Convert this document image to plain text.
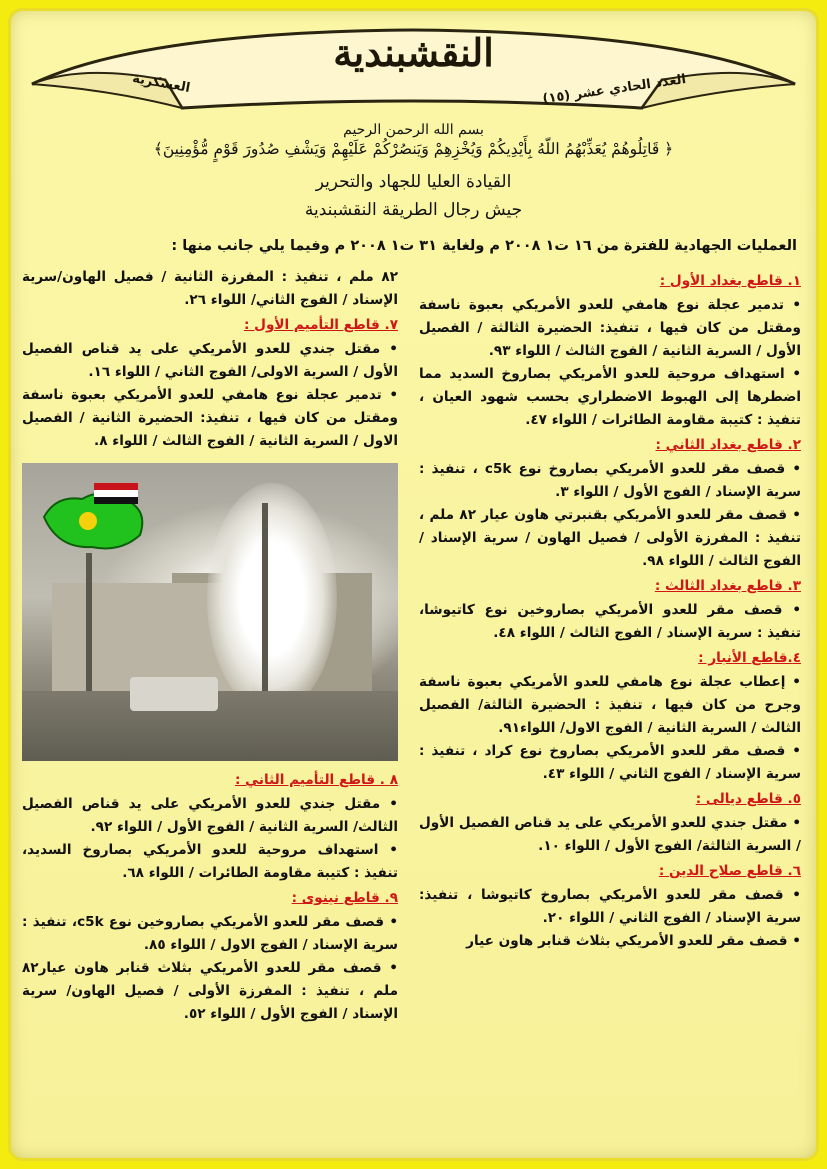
النقشبندية
العدد الحادي عشر (١٥)
العسكرية
بسم الله الرحمن الرحيم
﴿ قَاتِلُوهُمْ يُعَذِّبْهُمُ اللّهُ بِأَيْدِيكُمْ وَيُخْزِهِمْ وَيَنصُرْكُمْ عَلَيْهِمْ وَيَشْفِ صُدُورَ قَوْمٍ مُّؤْمِنِينَ﴾
القيادة العليا للجهاد والتحرير
جيش رجال الطريقة النقشبندية
العمليات الجهادية للفترة من ١٦ ت١ ٢٠٠٨ م ولغاية ٣١ ت١ ٢٠٠٨ م وفيما يلي جانب منها :
١. قاطع بغداد الأول :

• تدمير عجلة نوع هامفي للعدو الأمريكي بعبوة ناسفة ومقتل من كان فيها ، تنفيذ: الحضيرة الثالثة / الفصيل الأول / السرية الثانية / الفوج الثالث / اللواء ٩٣.

• استهداف مروحية للعدو الأمريكي بصاروخ السديد مما اضطرها إلى الهبوط الاضطراري بحسب شهود العيان ، تنفيذ : كتيبة مقاومة الطائرات / اللواء ٤٧.

٢. قاطع بغداد الثاني :

• قصف مقر للعدو الأمريكي بصاروخ نوع c5k ، تنفيذ : سرية الإسناد / الفوج الأول / اللواء ٣.

• قصف مقر للعدو الأمريكي بقنبرتي هاون عيار ٨٢ ملم ، تنفيذ : المفرزة الأولى / فصيل الهاون / سرية الإسناد / الفوج الثالث / اللواء ٩٨.

٣. قاطع بغداد الثالث :

• قصف مقر للعدو الأمريكي بصاروخين نوع كاتيوشا، تنفيذ : سرية الإسناد / الفوج الثالث / اللواء ٤٨.

٤.قاطع الأنبار :

• إعطاب عجلة نوع هامفي للعدو الأمريكي بعبوة ناسفة وجرح من كان فيها ، تنفيذ : الحضيرة الثالثة/ الفصيل الثالث / السرية الثانية / الفوج الاول/ اللواء٩١.

• قصف مقر للعدو الأمريكي بصاروخ نوع كراد ، تنفيذ : سرية الإسناد / الفوج الثاني / اللواء ٤٣.

٥. قاطع ديالى :

• مقتل جندي للعدو الأمريكي على يد قناص الفصيل الأول / السرية الثالثة/ الفوج الأول / اللواء ١٠.

٦. قاطع صلاح الدين :

• قصف مقر للعدو الأمريكي بصاروخ كاتيوشا ، تنفيذ: سرية الإسناد / الفوج الثاني / اللواء ٢٠.

• قصف مقر للعدو الأمريكي بثلاث قنابر هاون عيار

٨٢ ملم ، تنفيذ : المفرزة الثانية / فصيل الهاون/سرية الإسناد / الفوج الثاني/ اللواء ٢٦.

٧. قاطع التأميم الأول :

• مقتل جندي للعدو الأمريكي على يد قناص الفصيل الأول / السرية الاولى/ الفوج الثاني / اللواء ١٦.

• تدمير عجلة نوع هامفي للعدو الأمريكي بعبوة ناسفة ومقتل من كان فيها ، تنفيذ: الحضيرة الثانية / الفصيل الاول / السرية الثانية / الفوج الثالث / اللواء ٨.

٨ . قاطع التأميم الثاني :

• مقتل جندي للعدو الأمريكي على يد قناص الفصيل الثالث/ السرية الثانية / الفوج الأول / اللواء ٩٢.

• استهداف مروحية للعدو الأمريكي بصاروخ السديد، تنفيذ : كتيبة مقاومة الطائرات / اللواء ٦٨.

٩. قاطع نينوى :

• قصف مقر للعدو الأمريكي بصاروخين نوع c5k، تنفيذ : سرية الإسناد / الفوج الاول / اللواء ٨٥.

• قصف مقر للعدو الأمريكي بثلاث قنابر هاون عيار٨٢ ملم ، تنفيذ : المفرزة الأولى / فصيل الهاون/ سرية الإسناد / الفوج الأول / اللواء ٥٢.
